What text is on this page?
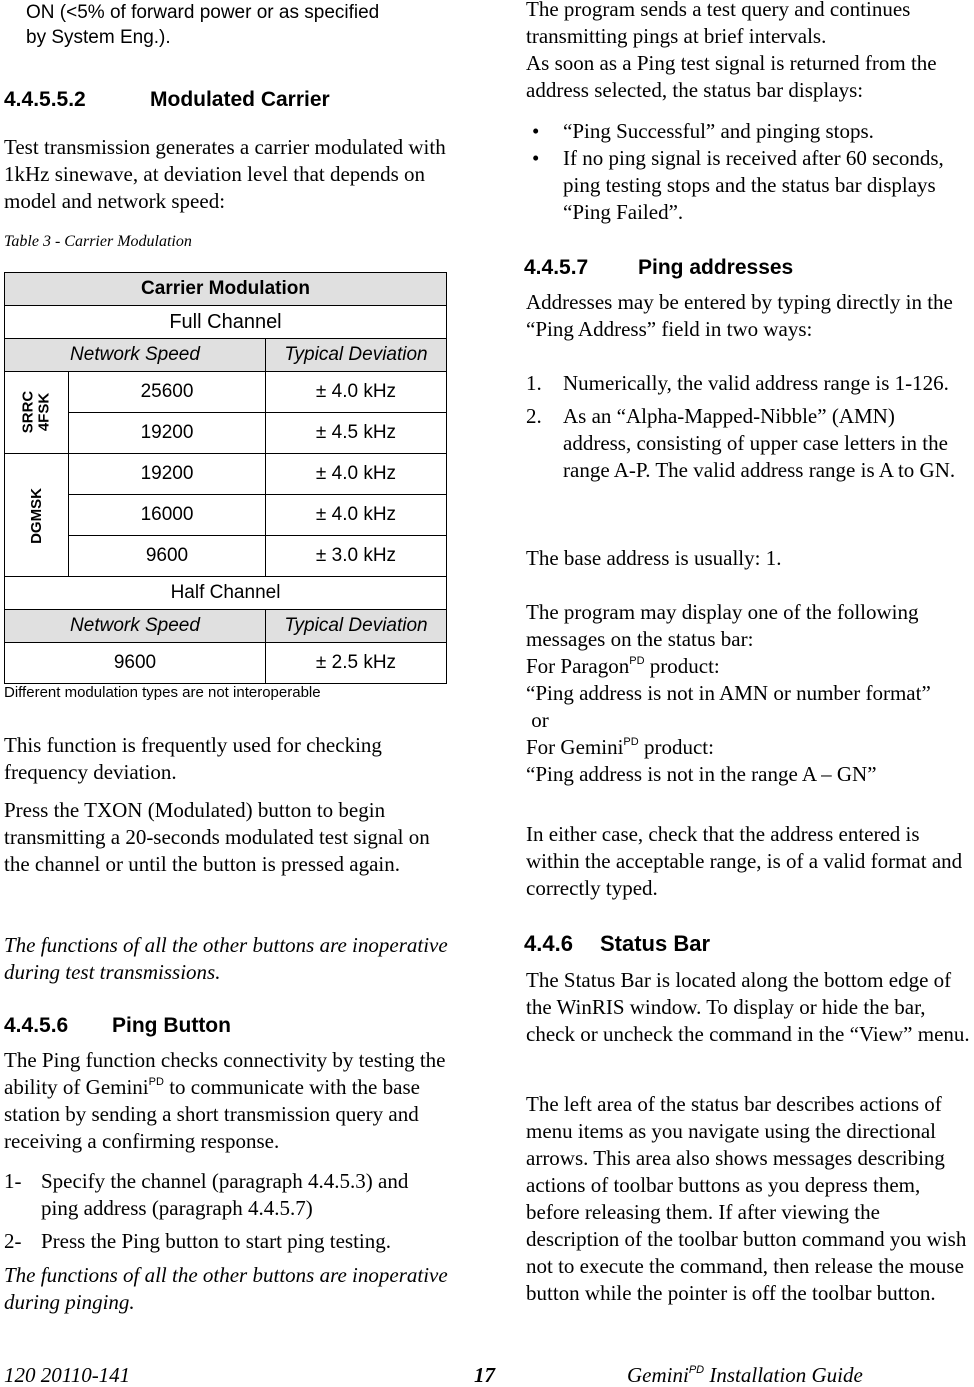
ON (<5% of forward power or as specified
by System Eng.).
4.4.5.5.2	Modulated Carrier

Test transmission generates a carrier modulated with 1kHz sinewave, at deviation level that depends on model and network speed:

Table 3 - Carrier Modulation
Carrier Modulation		
Full Channel		
Network Speed		Typical Deviation
SRRC
4FSK	25600	± 4.0 kHz
	19200	± 4.5 kHz
DGMSK	19200	± 4.0 kHz
	16000	± 4.0 kHz
	9600	± 3.0 kHz
Half Channel		
Network Speed		Typical Deviation
9600		± 2.5 kHz
Different modulation types are not interoperable

This function is frequently used for checking frequency deviation.

Press the TXON (Modulated) button to begin transmitting a 20-seconds modulated test signal on the channel or until the button is pressed again.

The functions of all the other buttons are inoperative during test transmissions.

4.4.5.6 Ping Button

The Ping function checks connectivity by testing the ability of Gemini$^{PD}$ to communicate with the base station by sending a short transmission query and receiving a confirming response.

1- Specify the channel (paragraph 4.4.5.3) and ping address (paragraph 4.4.5.7)
2- Press the Ping button to start ping testing.

The functions of all the other buttons are inoperative during pinging.

The program sends a test query and continues transmitting pings at brief intervals.

As soon as a Ping test signal is returned from the address selected, the status bar displays:

• “Ping Successful” and pinging stops.
• If no ping signal is received after 60 seconds, ping testing stops and the status bar displays “Ping Failed”.
4.4.5.7 Ping addresses

Addresses may be entered by typing directly in the “Ping Address” field in two ways:

1. Numerically, the valid address range is 1-126.
2. As an “Alpha-Mapped-Nibble” (AMN) address, consisting of upper case letters in the range A-P. The valid address range is A to GN.

The base address is usually: 1.

The program may display one of the following messages on the status bar:

For Paragon$^{PD}$ product:
“Ping address is not in AMN or number format”
or
For Gemini$^{PD}$ product:
“Ping address is not in the range A – GN”

In either case, check that the address entered is within the acceptable range, is of a valid format and correctly typed.

4.4.6 Status Bar

The Status Bar is located along the bottom edge of the WinRIS window. To display or hide the bar, check or uncheck the command in the “View” menu.

The left area of the status bar describes actions of menu items as you navigate using the directional arrows. This area also shows messages describing actions of toolbar buttons as you depress them, before releasing them. If after viewing the description of the toolbar button command you wish not to execute the command, then release the mouse button while the pointer is off the toolbar button.

120 20110-141	17	Gemini$^{PD}$ Installation Guide
